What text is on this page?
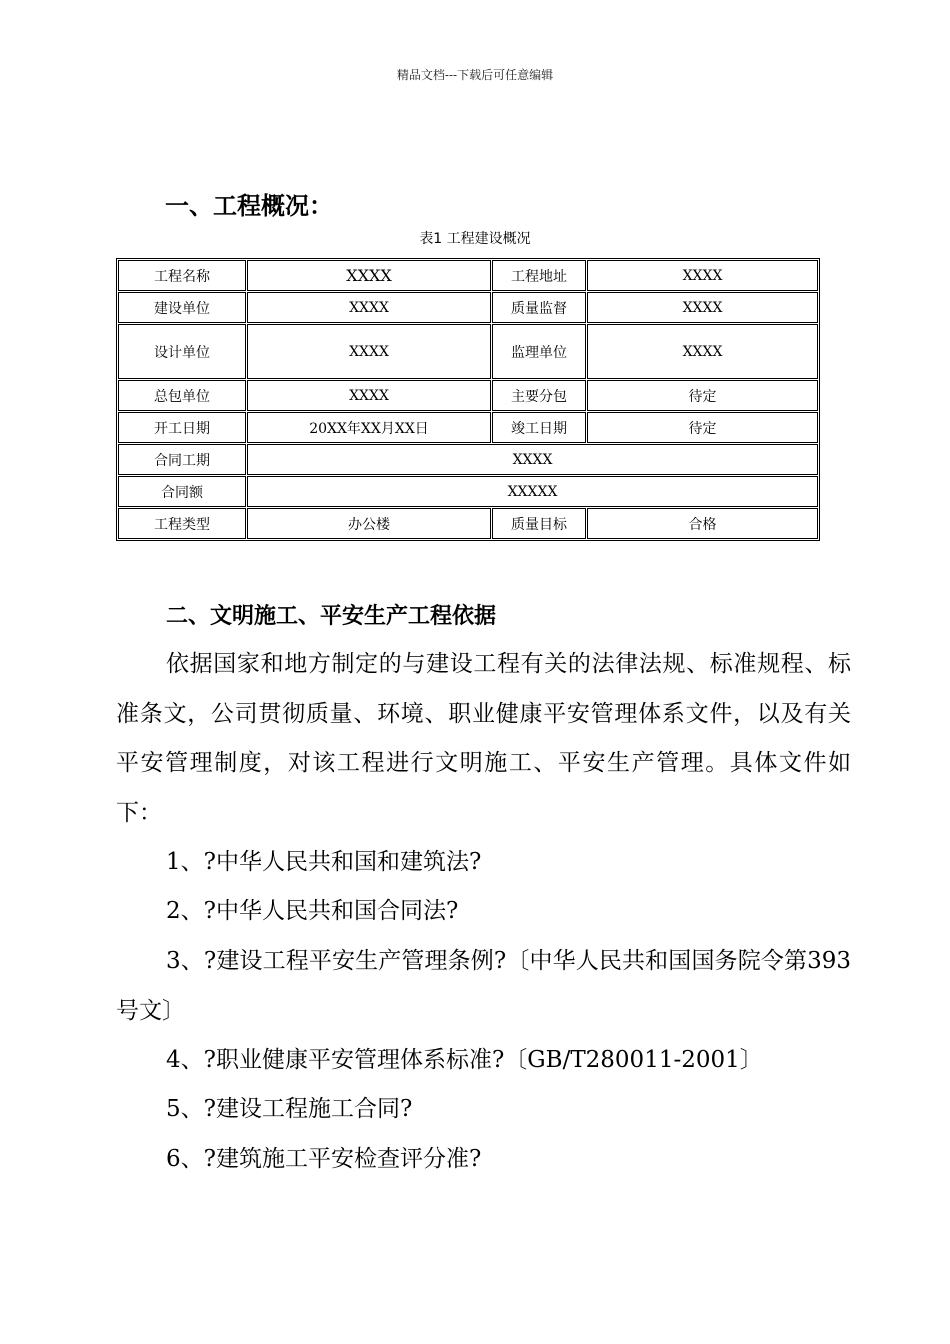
精品文档---下载后可任意编辑
一、工程概况：
表1 工程建设概况
工程名称	XXXX	工程地址	XXXX
建设单位	XXXX	质量监督	XXXX
设计单位	XXXX	监理单位	XXXX
总包单位	XXXX	主要分包	待定
开工日期	20XX年XX月XX日	竣工日期	待定
合同工期	XXXX		
合同额	XXXXX		
工程类型	办公楼	质量目标	合格
二、文明施工、平安生产工程依据

依据国家和地方制定的与建设工程有关的法律法规、标准规程、标准条文，公司贯彻质量、环境、职业健康平安管理体系文件，以及有关平安管理制度，对该工程进行文明施工、平安生产管理。具体文件如下：

1、?中华人民共和国和建筑法?

2、?中华人民共和国合同法?

3、?建设工程平安生产管理条例?〔中华人民共和国国务院令第393号文〕

4、?职业健康平安管理体系标准?〔GB/T280011-2001〕

5、?建设工程施工合同?

6、?建筑施工平安检查评分准?
